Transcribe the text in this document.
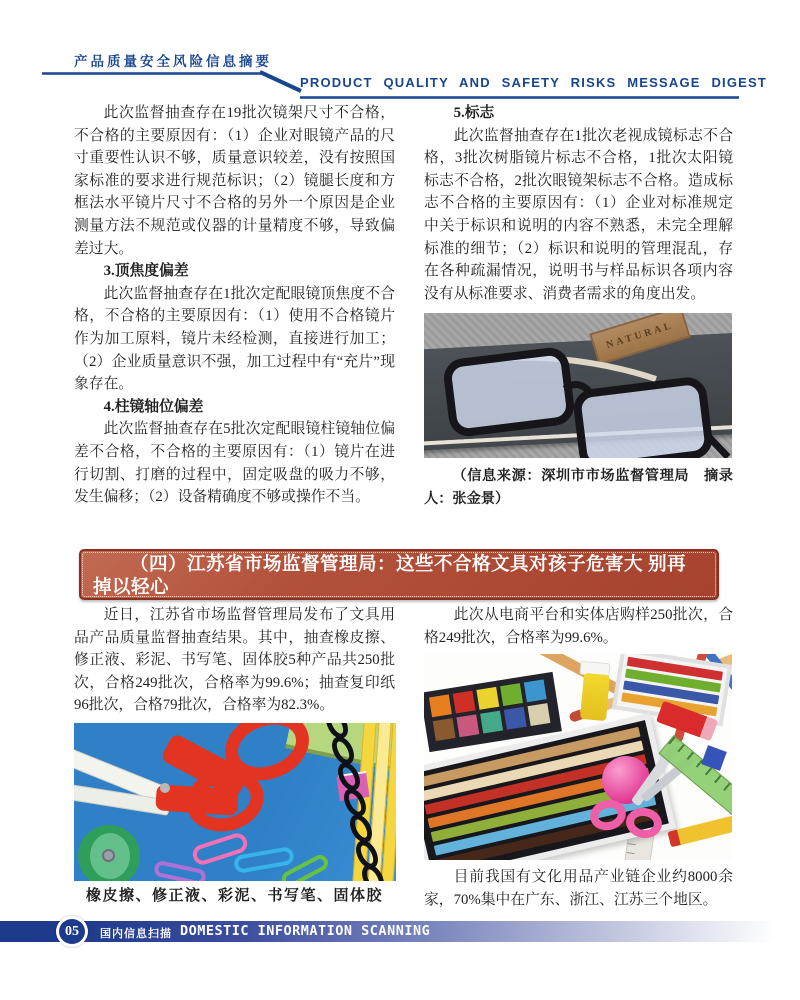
产品质量安全风险信息摘要
PRODUCT QUALITY AND SAFETY RISKS MESSAGE DIGEST

此次监督抽查存在19批次镜架尺寸不合格，不合格的主要原因有：（1）企业对眼镜产品的尺寸重要性认识不够，质量意识较差，没有按照国家标准的要求进行规范标识；（2）镜腿长度和方框法水平镜片尺寸不合格的另外一个原因是企业测量方法不规范或仪器的计量精度不够，导致偏差过大。

3.顶焦度偏差

此次监督抽查存在1批次定配眼镜顶焦度不合格，不合格的主要原因有：（1）使用不合格镜片作为加工原料，镜片未经检测，直接进行加工；（2）企业质量意识不强，加工过程中有“充片”现象存在。

4.柱镜轴位偏差

此次监督抽查存在5批次定配眼镜柱镜轴位偏差不合格，不合格的主要原因有：（1）镜片在进行切割、打磨的过程中，固定吸盘的吸力不够，发生偏移；（2）设备精确度不够或操作不当。

5.标志

此次监督抽查存在1批次老视成镜标志不合格，3批次树脂镜片标志不合格，1批次太阳镜标志不合格，2批次眼镜架标志不合格。造成标志不合格的主要原因有：（1）企业对标准规定中关于标识和说明的内容不熟悉，未完全理解标准的细节；（2）标识和说明的管理混乱，存在各种疏漏情况，说明书与样品标识各项内容没有从标准要求、消费者需求的角度出发。

NATURAL
（信息来源：深圳市市场监督管理局　摘录人：张金景）
（四）江苏省市场监督管理局：这些不合格文具对孩子危害大 别再掉以轻心

近日，江苏省市场监督管理局发布了文具用品产品质量监督抽查结果。其中，抽查橡皮擦、修正液、彩泥、书写笔、固体胶5种产品共250批次，合格249批次，合格率为99.6%；抽查复印纸96批次，合格79批次，合格率为82.3%。

橡皮擦、修正液、彩泥、书写笔、固体胶

此次从电商平台和实体店购样250批次，合格249批次，合格率为99.6%。

目前我国有文化用品产业链企业约8000余家，70%集中在广东、浙江、江苏三个地区。

05	国内信息扫描 DOMESTIC INFORMATION SCANNING
